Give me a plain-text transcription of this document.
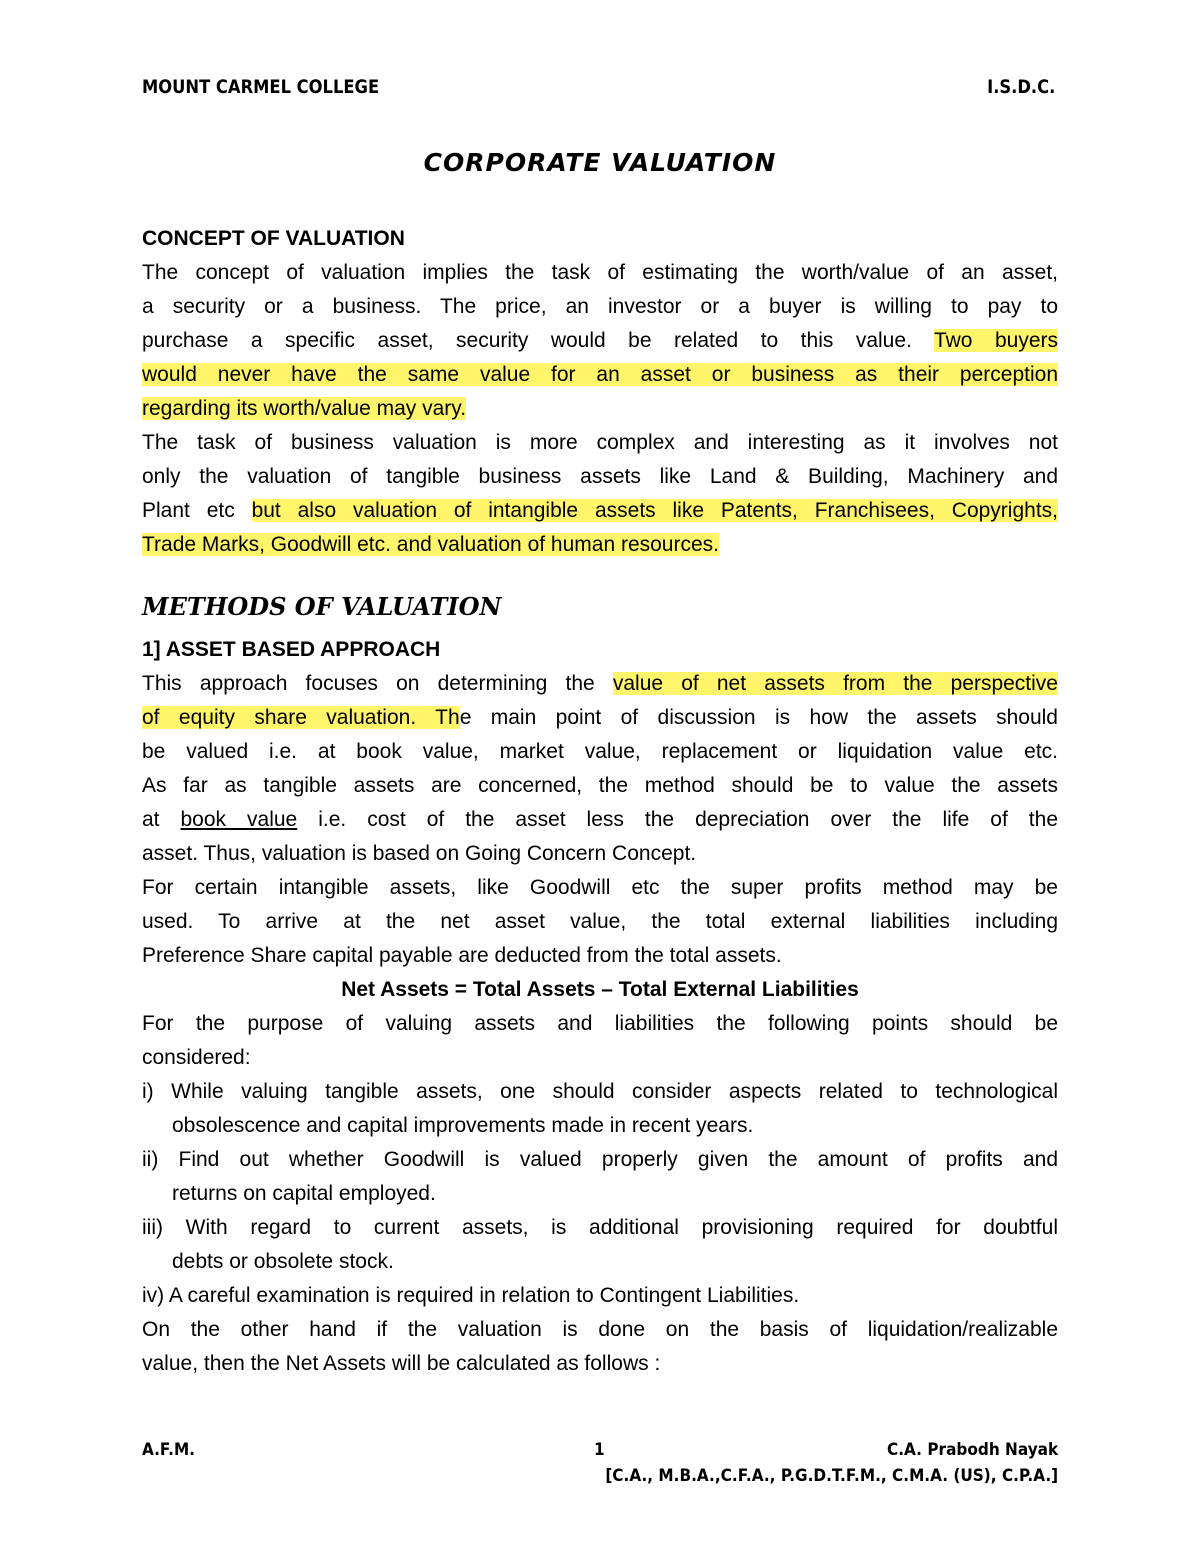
MOUNT CARMEL COLLEGE	I.S.D.C.
CORPORATE VALUATION
CONCEPT OF VALUATION
The concept of valuation implies the task of estimating the worth/value of an asset,
a security or a business. The price, an investor or a buyer is willing to pay to
purchase a specific asset, security would be related to this value. Two buyers
would never have the same value for an asset or business as their perception
regarding its worth/value may vary.
The task of business valuation is more complex and interesting as it involves not
only the valuation of tangible business assets like Land & Building, Machinery and
Plant etc but also valuation of intangible assets like Patents, Franchisees, Copyrights,
Trade Marks, Goodwill etc. and valuation of human resources.
METHODS OF VALUATION
1] ASSET BASED APPROACH
This approach focuses on determining the value of net assets from the perspective
of equity share valuation. The main point of discussion is how the assets should
be valued i.e. at book value, market value, replacement or liquidation value etc.
As far as tangible assets are concerned, the method should be to value the assets
at book value i.e. cost of the asset less the depreciation over the life of the
asset. Thus, valuation is based on Going Concern Concept.
For certain intangible assets, like Goodwill etc the super profits method may be
used. To arrive at the net asset value, the total external liabilities including
Preference Share capital payable are deducted from the total assets.
Net Assets = Total Assets – Total External Liabilities
For the purpose of valuing assets and liabilities the following points should be
considered:
i) While valuing tangible assets, one should consider aspects related to technological
obsolescence and capital improvements made in recent years.
ii) Find out whether Goodwill is valued properly given the amount of profits and
returns on capital employed.
iii) With regard to current assets, is additional provisioning required for doubtful
debts or obsolete stock.
iv) A careful examination is required in relation to Contingent Liabilities.
On the other hand if the valuation is done on the basis of liquidation/realizable
value, then the Net Assets will be calculated as follows :
A.F.M.	1	C.A. Prabodh Nayak
[C.A., M.B.A.,C.F.A., P.G.D.T.F.M., C.M.A. (US), C.P.A.]
